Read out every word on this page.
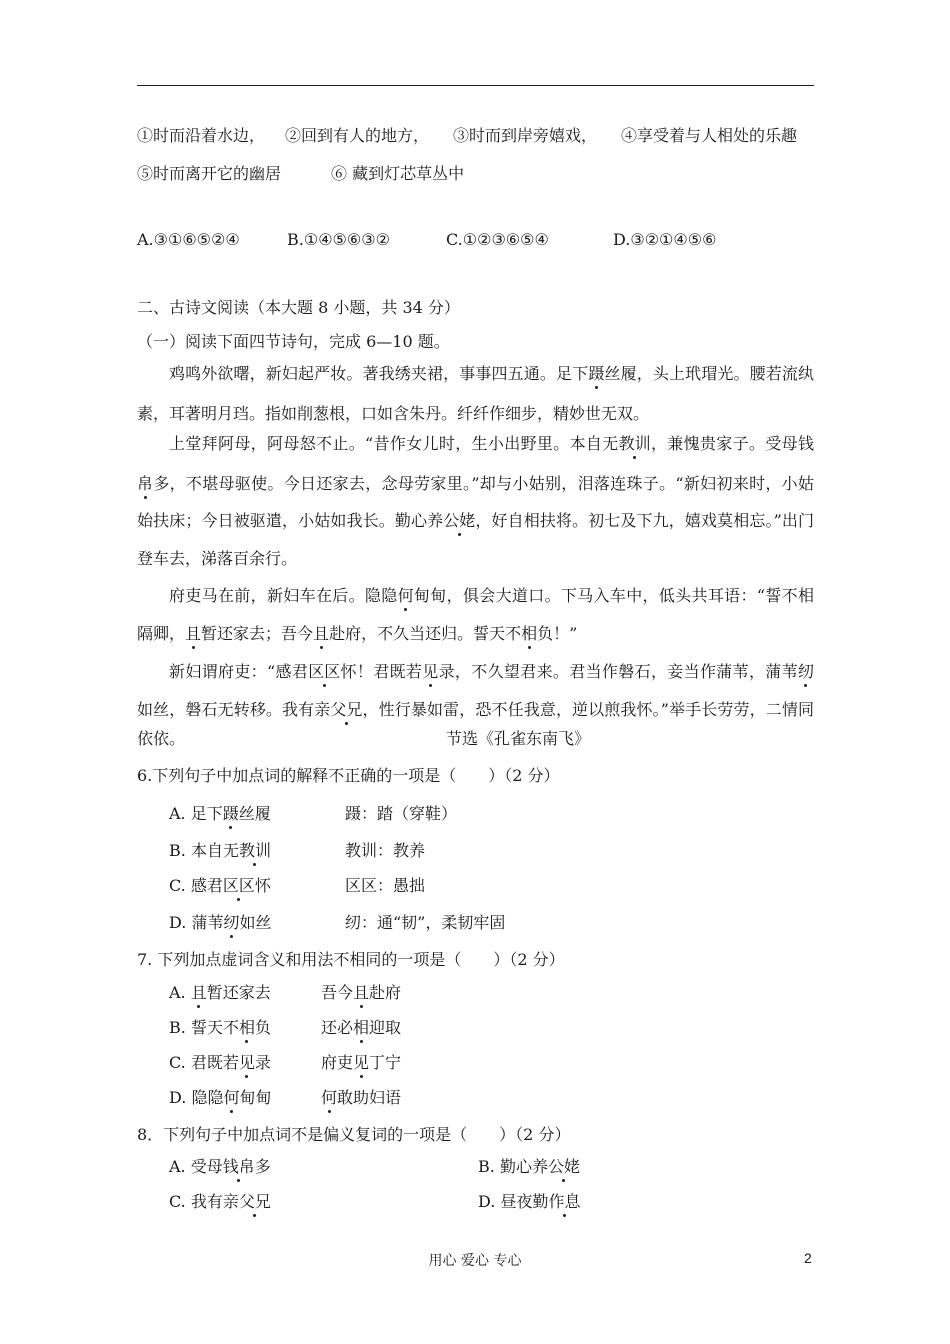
①时而沿着水边， ②回到有人的地方， ③时而到岸旁嬉戏， ④享受着与人相处的乐趣
⑤时而离开它的幽居	⑥ 藏到灯芯草丛中
A.③①⑥⑤②④	B.①④⑤⑥③②	C.①②③⑥⑤④	D.③②①④⑤⑥
二、古诗文阅读（本大题 8 小题，共 34 分）
（一）阅读下面四节诗句，完成 6—10 题。
鸡鸣外欲曙，新妇起严妆。著我绣夹裙，事事四五通。足下蹑丝履，头上玳瑁光。腰若流纨
素，耳著明月珰。指如削葱根，口如含朱丹。纤纤作细步，精妙世无双。
上堂拜阿母，阿母怒不止。“昔作女儿时，生小出野里。本自无教训，兼愧贵家子。受母钱
帛多，不堪母驱使。今日还家去，念母劳家里。”却与小姑别，泪落连珠子。“新妇初来时，小姑
始扶床；今日被驱遣，小姑如我长。勤心养公姥，好自相扶将。初七及下九，嬉戏莫相忘。”出门
登车去，涕落百余行。
府吏马在前，新妇车在后。隐隐何甸甸，俱会大道口。下马入车中，低头共耳语：“誓不相
隔卿，且暂还家去；吾今且赴府，不久当还归。誓天不相负！”
新妇谓府吏：“感君区区怀！君既若见录，不久望君来。君当作磐石，妾当作蒲苇，蒲苇纫
如丝，磐石无转移。我有亲父兄，性行暴如雷，恐不任我意，逆以煎我怀。”举手长劳劳，二情同
依依。	节选《孔雀东南飞》
6.下列句子中加点词的解释不正确的一项是（　　）（2 分）
A. 足下蹑丝履	蹑：踏（穿鞋）
B. 本自无教训	教训：教养
C. 感君区区怀	区区：愚拙
D. 蒲苇纫如丝	纫：通“韧”，柔韧牢固
7. 下列加点虚词含义和用法不相同的一项是（　　）（2 分）
A. 且暂还家去	吾今且赴府
B. 誓天不相负	还必相迎取
C. 君既若见录	府吏见丁宁
D. 隐隐何甸甸	何敢助妇语
8．下列句子中加点词不是偏义复词的一项是（　　）（2 分）
A. 受母钱帛多	B. 勤心养公姥
C. 我有亲父兄	D. 昼夜勤作息
用心 爱心 专心	2
